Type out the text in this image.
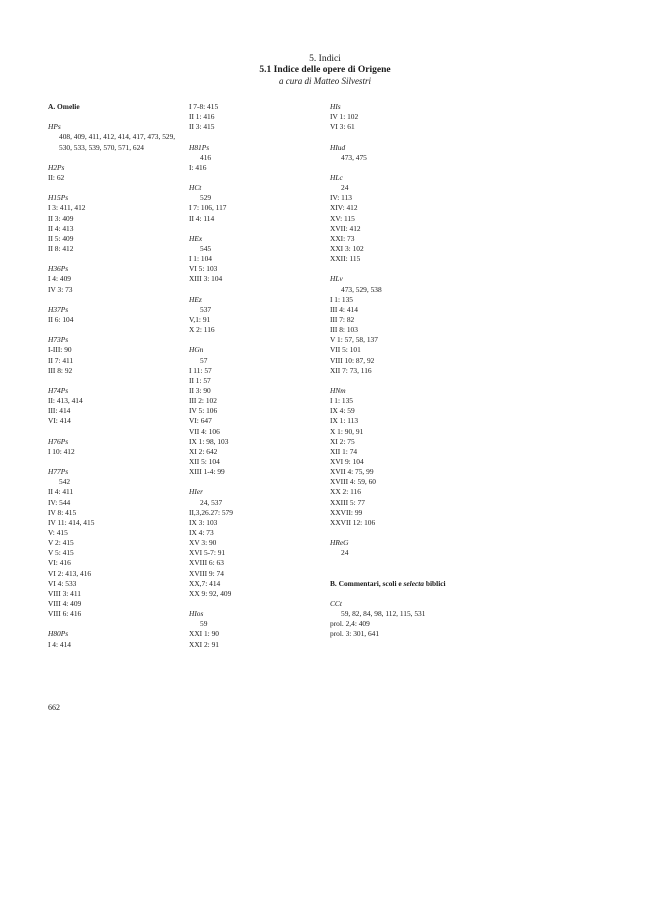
5. Indici

5.1 Indice delle opere di Origene

a cura di Matteo Silvestri

A. Omelie
HPs
408, 409, 411, 412, 414, 417, 473, 529, 530, 533, 539, 570, 571, 624
H2Ps
II: 62
H15Ps
I 3: 411, 412
II 3: 409
II 4: 413
II 5: 409
II 8: 412
H36Ps
I 4: 409
IV 3: 73
H37Ps
II 6: 104
H73Ps
I-III: 90
II 7: 411
III 8: 92
H74Ps
II: 413, 414
III: 414
VI: 414
H76Ps
I 10: 412
H77Ps
542
II 4: 411
IV: 544
IV 8: 415
IV 11: 414, 415
V: 415
V 2: 415
V 5: 415
VI: 416
VI 2: 413, 416
VI 4: 533
VIII 3: 411
VIII 4: 409
VIII 6: 416
H80Ps
I 4: 414
I 7-8: 415
II 1: 416
II 3: 415
H81Ps
416
I: 416
HCt
529
I 7: 106, 117
II 4: 114
HEx
545
I 1: 104
VI 5: 103
XIII 3: 104
HEz
537
V,1: 91
X 2: 116
HGn
57
I 11: 57
II 1: 57
II 3: 90
III 2: 102
IV 5: 106
VI: 647
VII 4: 106
IX 1: 98, 103
XI 2: 642
XII 5: 104
XIII 1-4: 99
HIer
24, 537
II,3,26.27: 579
IX 3: 103
IX 4: 73
XV 3: 90
XVI 5-7: 91
XVIII 6: 63
XVIII 9: 74
XX,7: 414
XX 9: 92, 409
HIos
59
XXI 1: 90
XXI 2: 91
HIs
IV 1: 102
VI 3: 61
HIud
473, 475
HLc
24
IV: 113
XIV: 412
XV: 115
XVII: 412
XXI: 73
XXI 3: 102
XXII: 115
HLv
473, 529, 538
I 1: 135
III 4: 414
III 7: 82
III 8: 103
V 1: 57, 58, 137
VII 5: 101
VIII 10: 87, 92
XII 7: 73, 116
HNm
I 1: 135
IX 4: 59
IX 1: 113
X 1: 90, 91
XI 2: 75
XII 1: 74
XVI 9: 104
XVII 4: 75, 99
XVIII 4: 59, 60
XX 2: 116
XXIII 5: 77
XXVII: 99
XXVII 12: 106
HReG
24
B. Commentari, scoli e selecta biblici
CCt
59, 82, 84, 98, 112, 115, 531
prol. 2,4: 409
prol. 3: 301, 641

662
